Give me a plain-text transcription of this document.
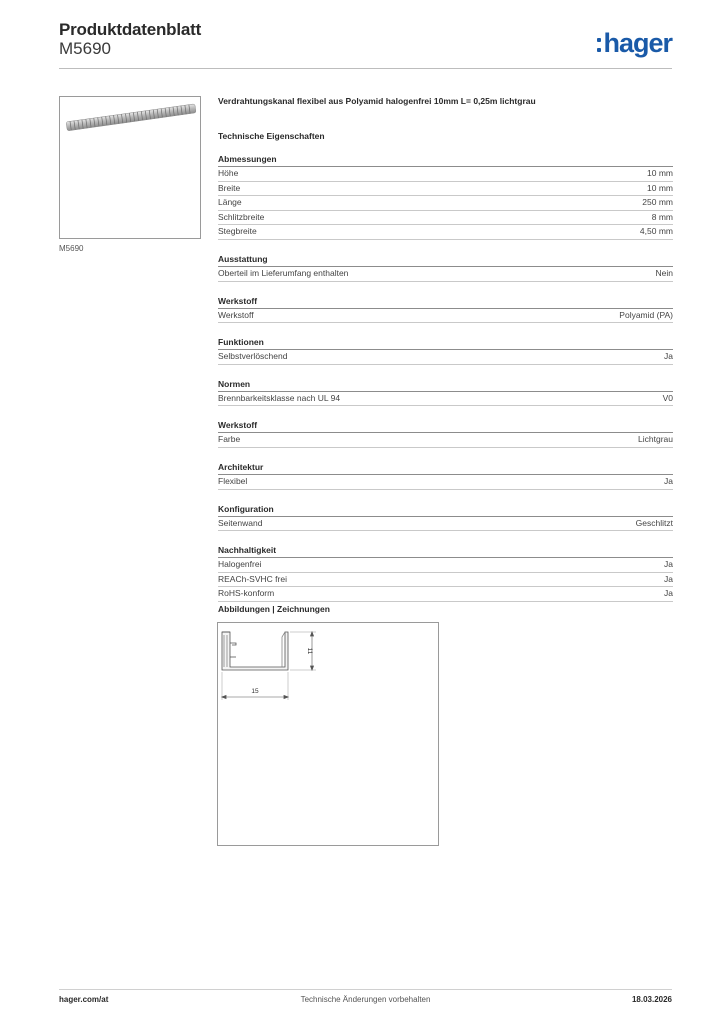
Produktdatenblatt
M5690	hager
M5690
Verdrahtungskanal flexibel aus Polyamid halogenfrei 10mm L= 0,25m lichtgrau
Technische Eigenschaften
Abmessungen
Höhe	10 mm
Breite	10 mm
Länge	250 mm
Schlitzbreite	8 mm
Stegbreite	4,50 mm
Ausstattung
Oberteil im Lieferumfang enthalten	Nein
Werkstoff
Werkstoff	Polyamid (PA)
Funktionen
Selbstverlöschend	Ja
Normen
Brennbarkeitsklasse nach UL 94	V0
Werkstoff
Farbe	Lichtgrau
Architektur
Flexibel	Ja
Konfiguration
Seitenwand	Geschlitzt
Nachhaltigkeit
Halogenfrei	Ja
REACh-SVHC frei	Ja
RoHS-konform	Ja
Abbildungen | Zeichnungen
15
11
hager.com/at	Technische Änderungen vorbehalten	18.03.2026
